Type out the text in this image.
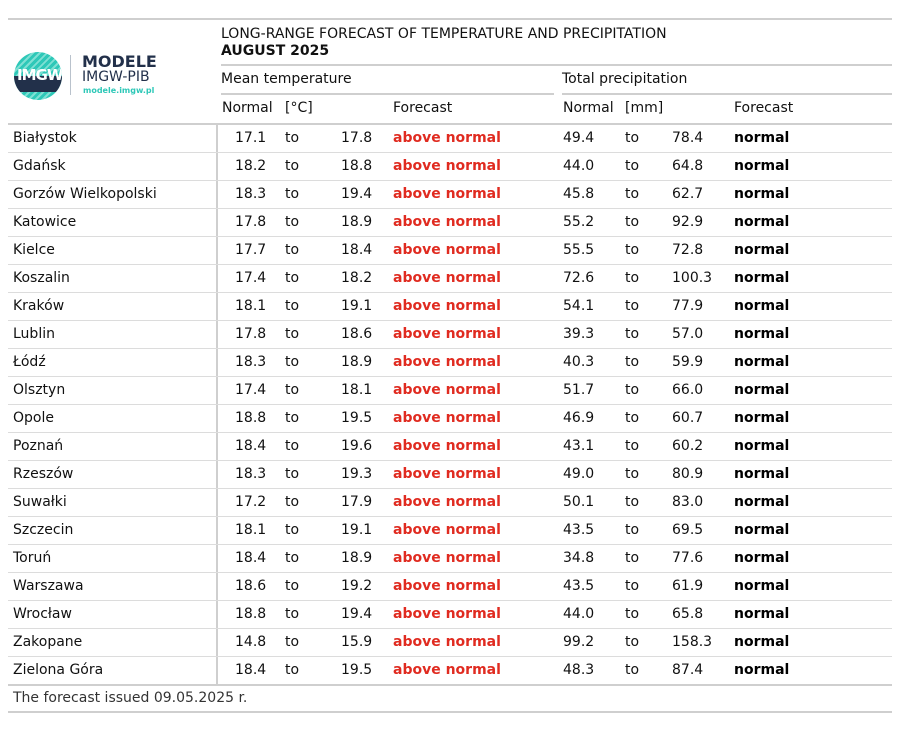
IMGW
MODELE
IMGW-PIB
modele.imgw.pl
LONG-RANGE FORECAST OF TEMPERATURE AND PRECIPITATION
AUGUST 2025
Mean temperature	Total precipitation
Normal [°C]	Forecast	Normal [mm]	Forecast
Białystok	17.1 to	17.8 above normal	49.4 to 78.4 normal
Gdańsk	18.2 to	18.8 above normal	44.0 to 64.8 normal
Gorzów Wielkopolski	18.3 to	19.4 above normal	45.8 to 62.7 normal
Katowice	17.8 to	18.9 above normal	55.2 to 92.9 normal
Kielce	17.7 to	18.4 above normal	55.5 to 72.8 normal
Koszalin	17.4 to	18.2 above normal	72.6 to 100.3 normal
Kraków	18.1 to	19.1 above normal	54.1 to 77.9 normal
Lublin	17.8 to	18.6 above normal	39.3 to 57.0 normal
Łódź	18.3 to	18.9 above normal	40.3 to 59.9 normal
Olsztyn	17.4 to	18.1 above normal	51.7 to 66.0 normal
Opole	18.8 to	19.5 above normal	46.9 to 60.7 normal
Poznań	18.4 to	19.6 above normal	43.1 to 60.2 normal
Rzeszów	18.3 to	19.3 above normal	49.0 to 80.9 normal
Suwałki	17.2 to	17.9 above normal	50.1 to 83.0 normal
Szczecin	18.1 to	19.1 above normal	43.5 to 69.5 normal
Toruń	18.4 to	18.9 above normal	34.8 to 77.6 normal
Warszawa	18.6 to	19.2 above normal	43.5 to 61.9 normal
Wrocław	18.8 to	19.4 above normal	44.0 to 65.8 normal
Zakopane	14.8 to	15.9 above normal	99.2 to 158.3 normal
Zielona Góra	18.4 to	19.5 above normal	48.3 to 87.4 normal
The forecast issued 09.05.2025 r.
